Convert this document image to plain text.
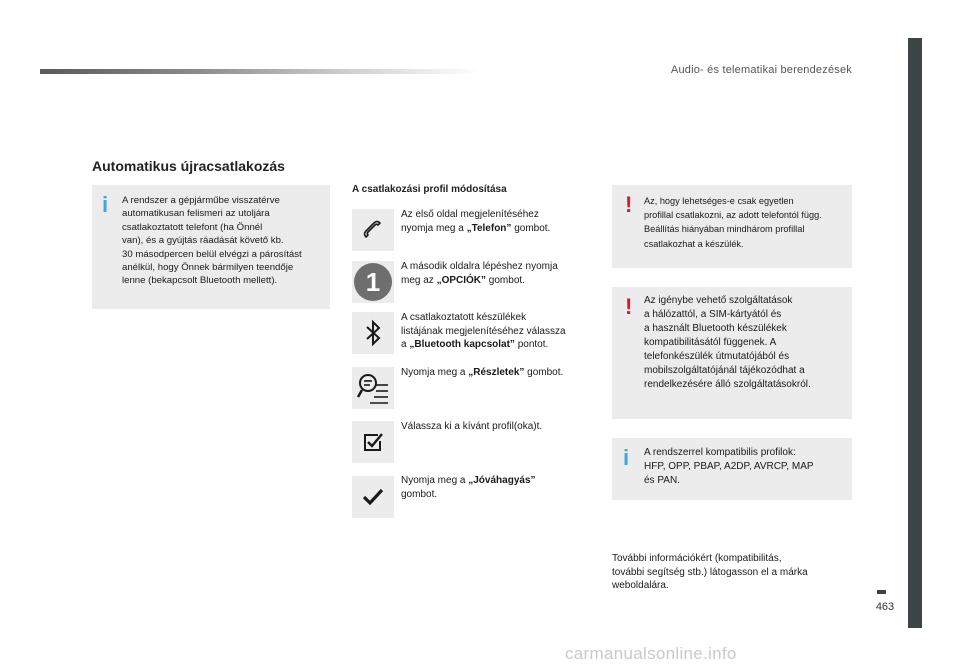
Audio- és telematikai berendezések
463
Automatikus újracsatlakozás
i A rendszer a gépjárműbe visszatérve
automatikusan felismeri az utoljára
csatlakoztatott telefont (ha Önnél
van), és a gyújtás ráadását követő kb.
30 másodpercen belül elvégzi a párosítást
anélkül, hogy Önnek bármilyen teendője
lenne (bekapcsolt Bluetooth mellett).
A csatlakozási profil módosítása
Az első oldal megjelenítéséhez
nyomja meg a „Telefon” gombot.
1 A második oldalra lépéshez nyomja
meg az „OPCIÓK” gombot.
A csatlakoztatott készülékek
listájának megjelenítéséhez válassza
a „Bluetooth kapcsolat” pontot.
Nyomja meg a „Részletek” gombot.
Válassza ki a kívánt profil(oka)t.
Nyomja meg a „Jóváhagyás”
gombot.
! Az, hogy lehetséges-e csak egyetlen
profillal csatlakozni, az adott telefontól függ.
Beállítás hiányában mindhárom profillal
csatlakozhat a készülék.
! Az igénybe vehető szolgáltatások
a hálózattól, a SIM-kártyától és
a használt Bluetooth készülékek
kompatibilitásától függenek. A
telefonkészülék útmutatójából és
mobilszolgáltatójánál tájékozódhat a
rendelkezésére álló szolgáltatásokról.
i A rendszerrel kompatibilis profilok:
HFP, OPP, PBAP, A2DP, AVRCP, MAP
és PAN.
További információkért (kompatibilitás,
további segítség stb.) látogasson el a márka
weboldalára.
carmanualsonline.info
